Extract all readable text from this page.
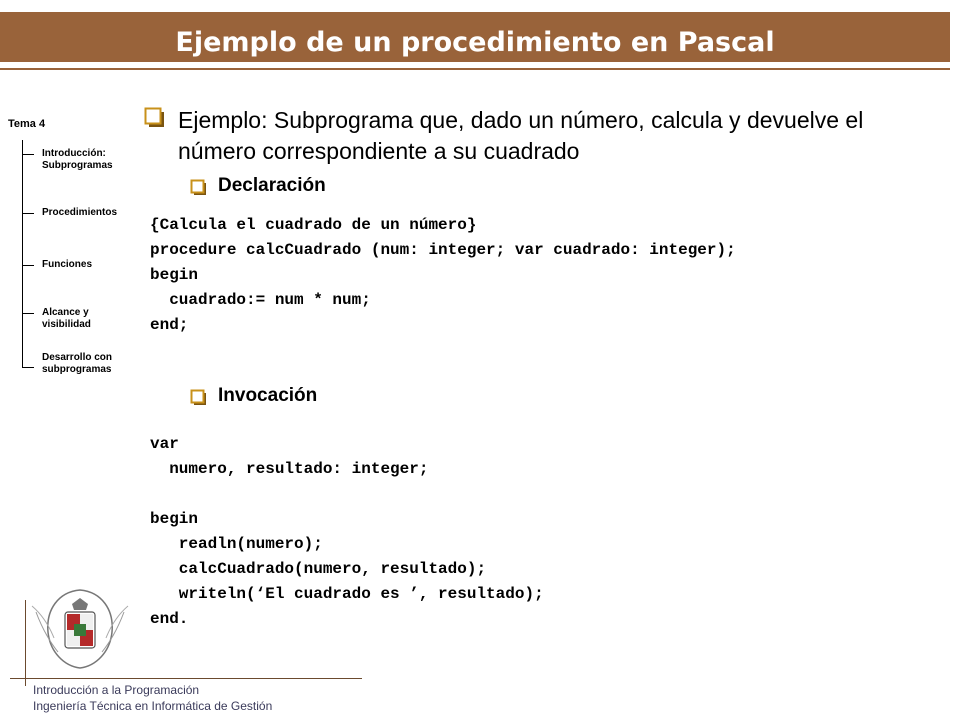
Ejemplo de un procedimiento en Pascal
Tema 4
Introducción:
Subprogramas
Procedimientos
Funciones
Alcance y
visibilidad
Desarrollo con
subprogramas
Ejemplo: Subprograma que, dado un número, calcula y devuelve el número correspondiente a su cuadrado
Declaración
{Calcula el cuadrado de un número}
procedure calcCuadrado (num: integer; var cuadrado: integer);
begin
cuadrado:= num * num;
end;
Invocación
var
numero, resultado: integer;

begin
readln(numero);
calcCuadrado(numero, resultado);
writeln(‘El cuadrado es ’, resultado);
end.
Introducción a la Programación
Ingeniería Técnica en Informática de Gestión
